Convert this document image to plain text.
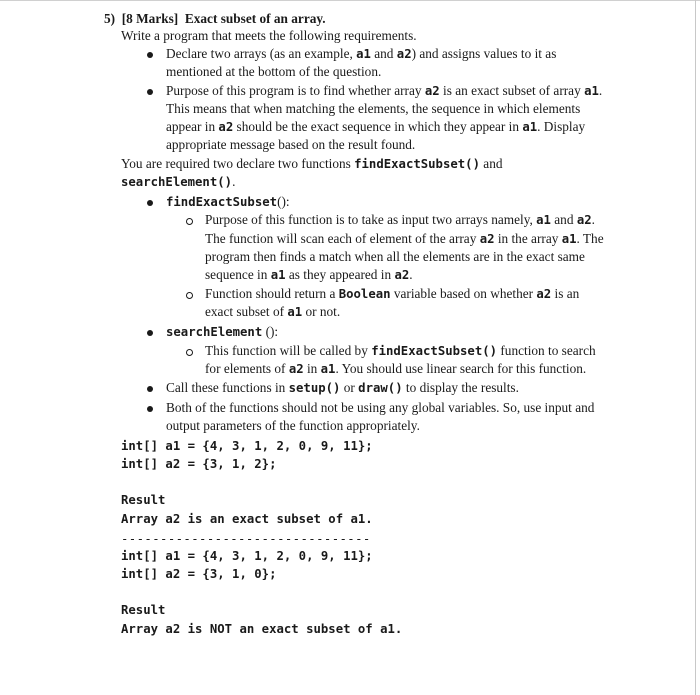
5) [8 Marks] Exact subset of an array.
Write a program that meets the following requirements.
Declare two arrays (as an example, a1 and a2) and assigns values to it as
mentioned at the bottom of the question.
Purpose of this program is to find whether array a2 is an exact subset of array a1.
This means that when matching the elements, the sequence in which elements
appear in a2 should be the exact sequence in which they appear in a1. Display
appropriate message based on the result found.
You are required two declare two functions findExactSubset() and
searchElement().
findExactSubset():
Purpose of this function is to take as input two arrays namely, a1 and a2.
The function will scan each of element of the array a2 in the array a1. The
program then finds a match when all the elements are in the exact same
sequence in a1 as they appeared in a2.
Function should return a Boolean variable based on whether a2 is an
exact subset of a1 or not.
searchElement ():
This function will be called by findExactSubset() function to search
for elements of a2 in a1. You should use linear search for this function.
Call these functions in setup() or draw() to display the results.
Both of the functions should not be using any global variables. So, use input and
output parameters of the function appropriately.
int[] a1 = {4, 3, 1, 2, 0, 9, 11};
int[] a2 = {3, 1, 2};
Result
Array a2 is an exact subset of a1.
--------------------------------
int[] a1 = {4, 3, 1, 2, 0, 9, 11};
int[] a2 = {3, 1, 0};
Result
Array a2 is NOT an exact subset of a1.
